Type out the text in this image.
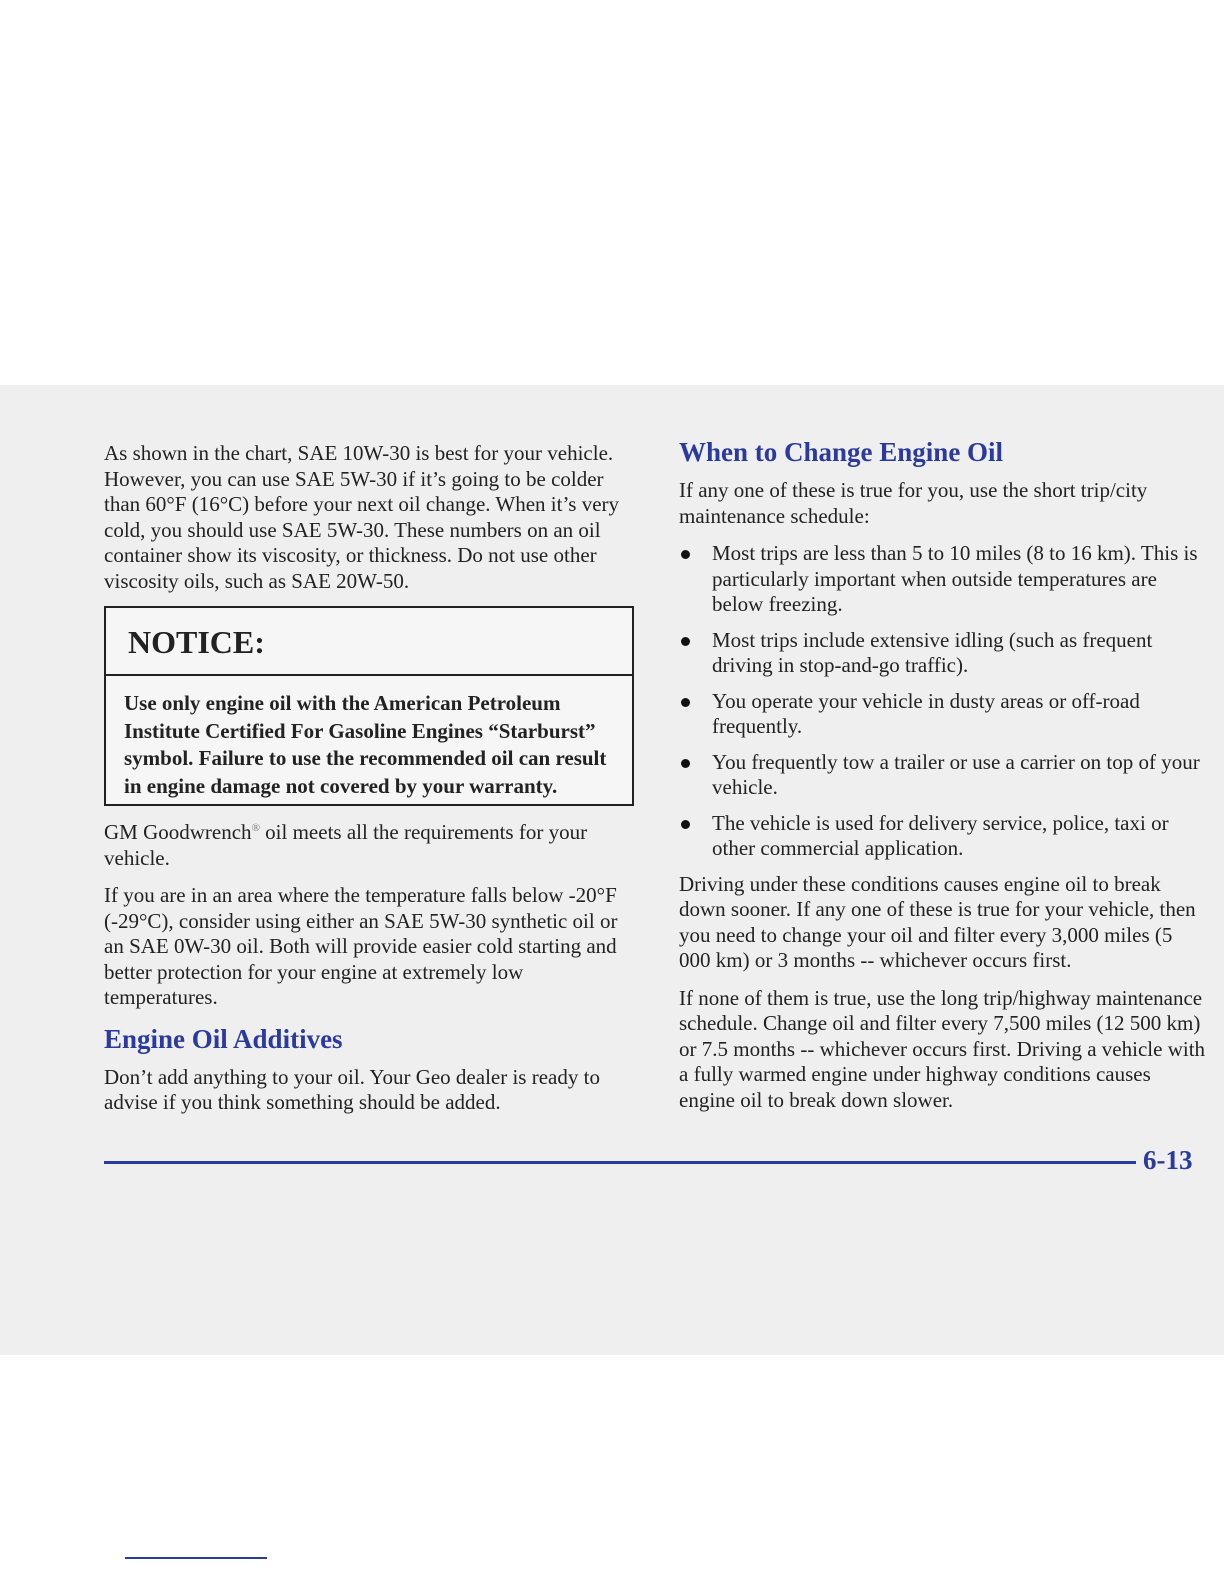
As shown in the chart, SAE 10W-30 is best for your vehicle. However, you can use SAE 5W-30 if it’s going to be colder than 60°F (16°C) before your next oil change. When it’s very cold, you should use SAE 5W-30. These numbers on an oil container show its viscosity, or thickness. Do not use other viscosity oils, such as SAE 20W-50.

NOTICE:
Use only engine oil with the American Petroleum Institute Certified For Gasoline Engines “Starburst” symbol. Failure to use the recommended oil can result in engine damage not covered by your warranty.

GM Goodwrench® oil meets all the requirements for your vehicle.

If you are in an area where the temperature falls below -20°F (-29°C), consider using either an SAE 5W-30 synthetic oil or an SAE 0W-30 oil. Both will provide easier cold starting and better protection for your engine at extremely low temperatures.

Engine Oil Additives

Don’t add anything to your oil. Your Geo dealer is ready to advise if you think something should be added.

When to Change Engine Oil

If any one of these is true for you, use the short trip/city maintenance schedule:

Most trips are less than 5 to 10 miles (8 to 16 km). This is particularly important when outside temperatures are below freezing.
Most trips include extensive idling (such as frequent driving in stop-and-go traffic).
You operate your vehicle in dusty areas or off-road frequently.
You frequently tow a trailer or use a carrier on top of your vehicle.
The vehicle is used for delivery service, police, taxi or other commercial application.

Driving under these conditions causes engine oil to break down sooner. If any one of these is true for your vehicle, then you need to change your oil and filter every 3,000 miles (5 000 km) or 3 months -- whichever occurs first.

If none of them is true, use the long trip/highway maintenance schedule. Change oil and filter every 7,500 miles (12 500 km) or 7.5 months -- whichever occurs first. Driving a vehicle with a fully warmed engine under highway conditions causes engine oil to break down slower.

6-13
